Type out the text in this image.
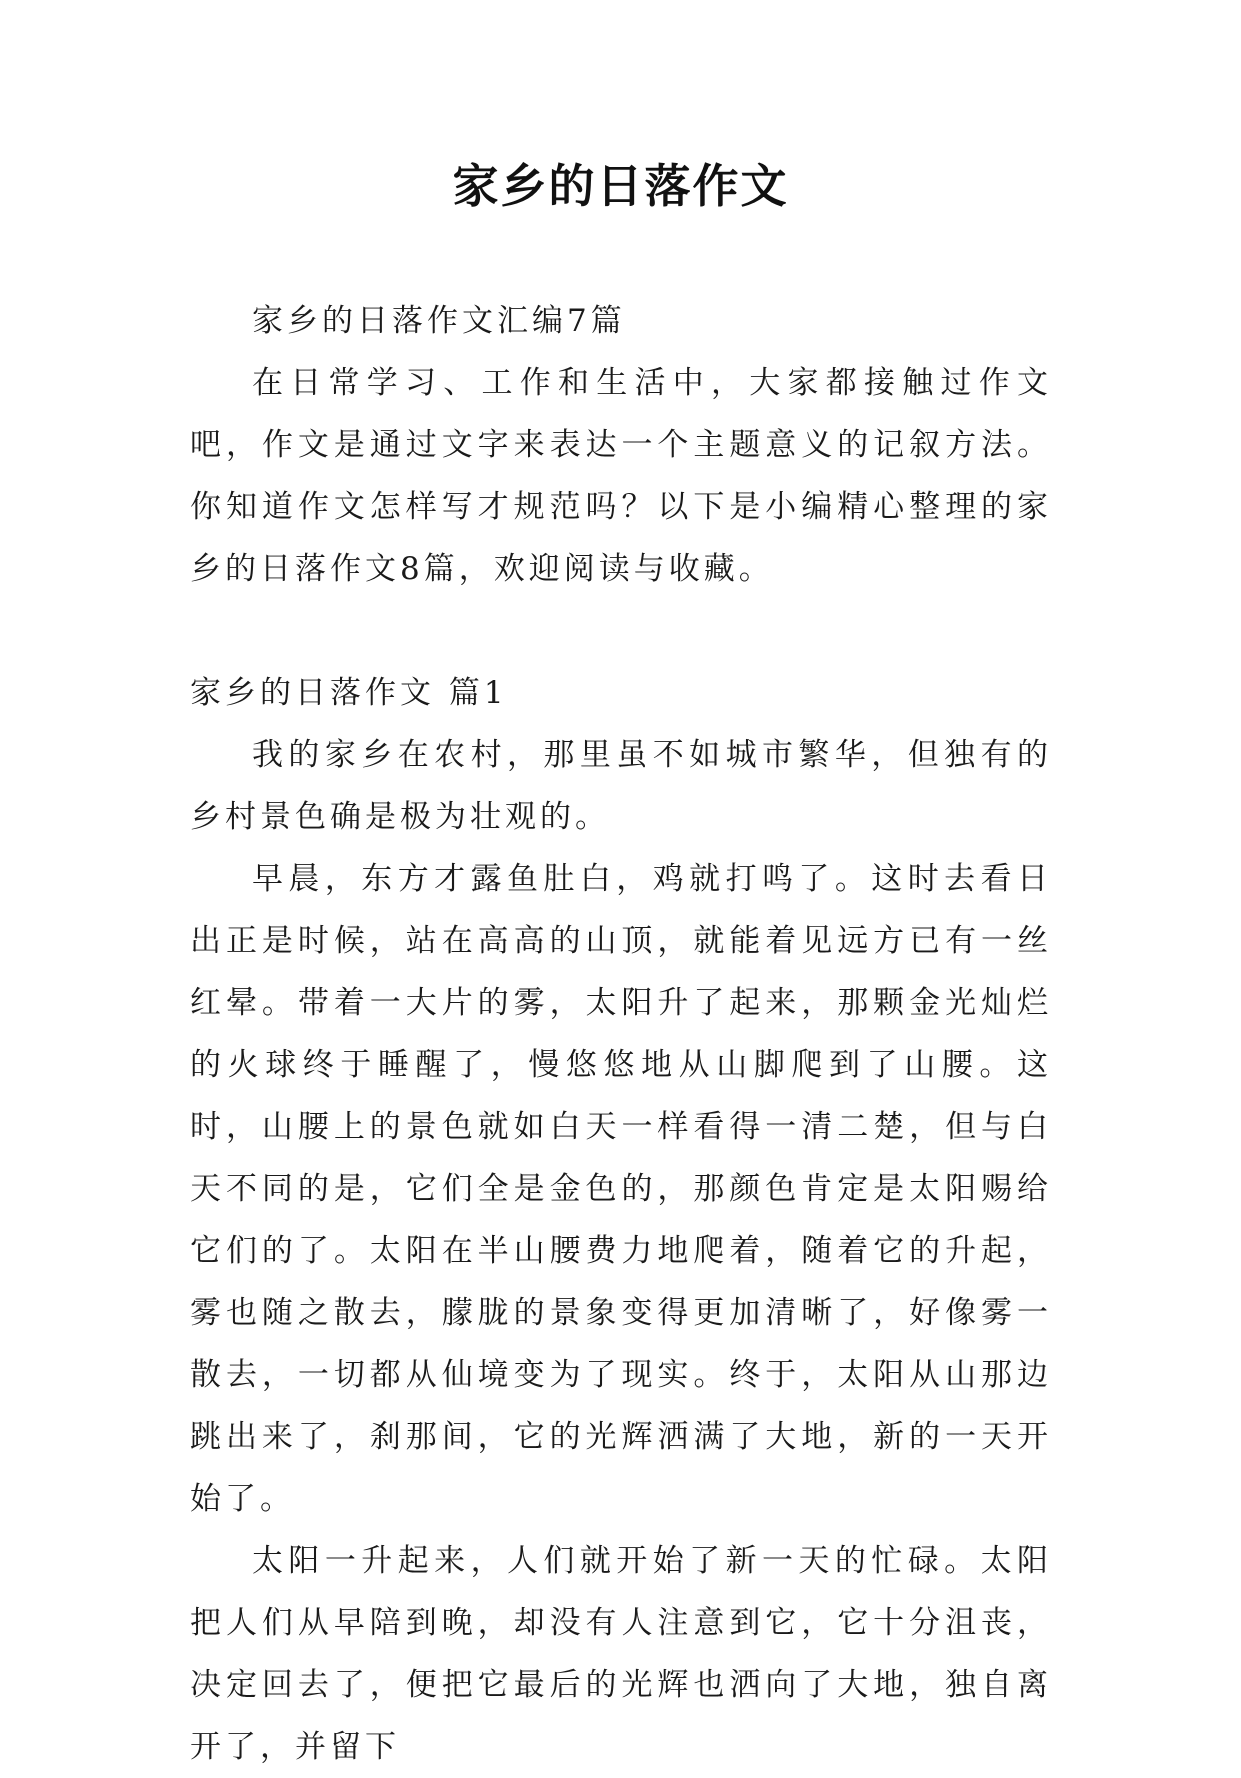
家乡的日落作文

家乡的日落作文汇编7篇

在日常学习、工作和生活中，大家都接触过作文吧，作文是通过文字来表达一个主题意义的记叙方法。你知道作文怎样写才规范吗？以下是小编精心整理的家乡的日落作文8篇，欢迎阅读与收藏。

家乡的日落作文 篇1

我的家乡在农村，那里虽不如城市繁华，但独有的乡村景色确是极为壮观的。

早晨，东方才露鱼肚白，鸡就打鸣了。这时去看日出正是时候，站在高高的山顶，就能着见远方已有一丝红晕。带着一大片的雾，太阳升了起来，那颗金光灿烂的火球终于睡醒了，慢悠悠地从山脚爬到了山腰。这时，山腰上的景色就如白天一样看得一清二楚，但与白天不同的是，它们全是金色的，那颜色肯定是太阳赐给它们的了。太阳在半山腰费力地爬着，随着它的升起，雾也随之散去，朦胧的景象变得更加清晰了，好像雾一散去，一切都从仙境变为了现实。终于，太阳从山那边跳出来了，刹那间，它的光辉洒满了大地，新的一天开始了。

太阳一升起来，人们就开始了新一天的忙碌。太阳把人们从早陪到晚，却没有人注意到它，它十分沮丧，决定回去了，便把它最后的光辉也洒向了大地，独自离开了，并留下
